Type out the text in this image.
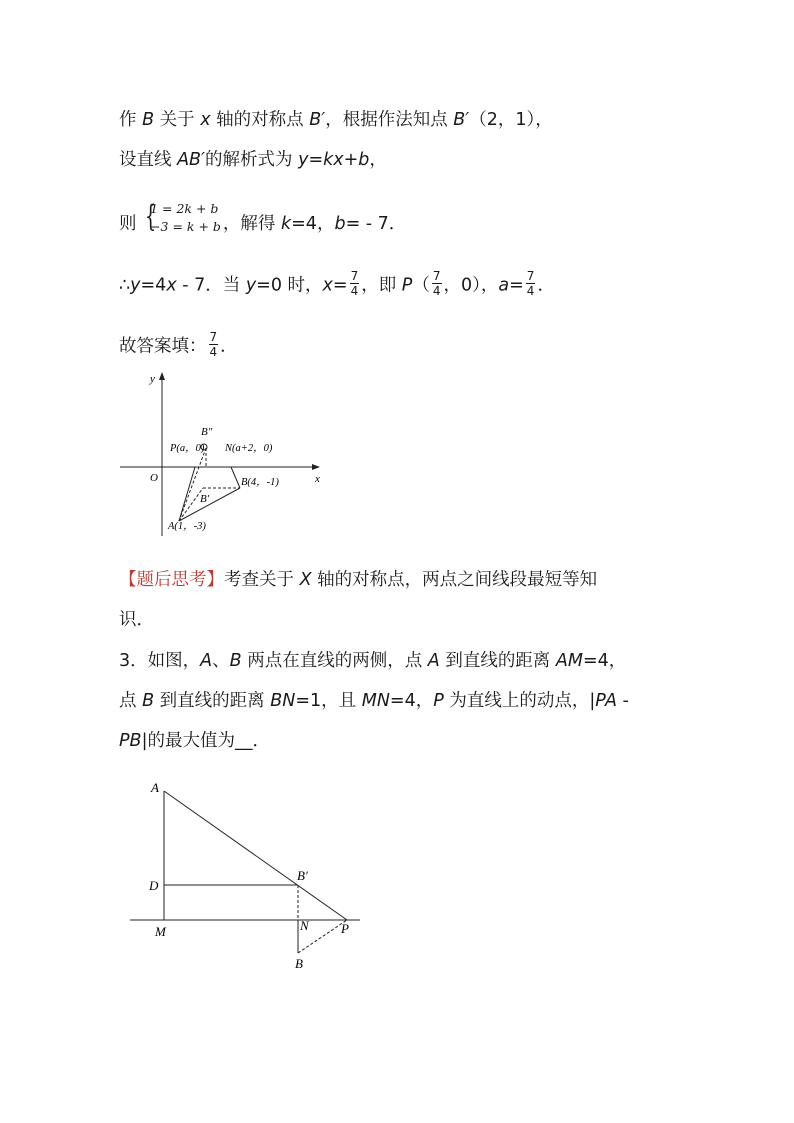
作 B 关于 x 轴的对称点 B′，根据作法知点 B′（2，1），
设直线 AB′的解析式为 y=kx+b，
则 {
1 = 2k + b
−3 = k + b ，解得 k=4，b= - 7．
∴y=4x - 7．当 y=0 时，$x= \frac{7}{4}$ ，即 $P( \frac{7}{4}$ ，0），$a= \frac{7}{4}$ ．
故答案填： $\frac{7}{4}$ ．
y
x
O
B″
P(a，0) N(a+2，0)
B(4，-1)
B′
A(1，-3)
【题后思考】考查关于 X 轴的对称点，两点之间线段最短等知
识．
3．如图，A、B 两点在直线的两侧，点 A 到直线的距离 AM=4，
点 B 到直线的距离 BN=1，且 MN=4，P 为直线上的动点，|PA -
PB|的最大值为__．
A
D
M
B′
N P
B
